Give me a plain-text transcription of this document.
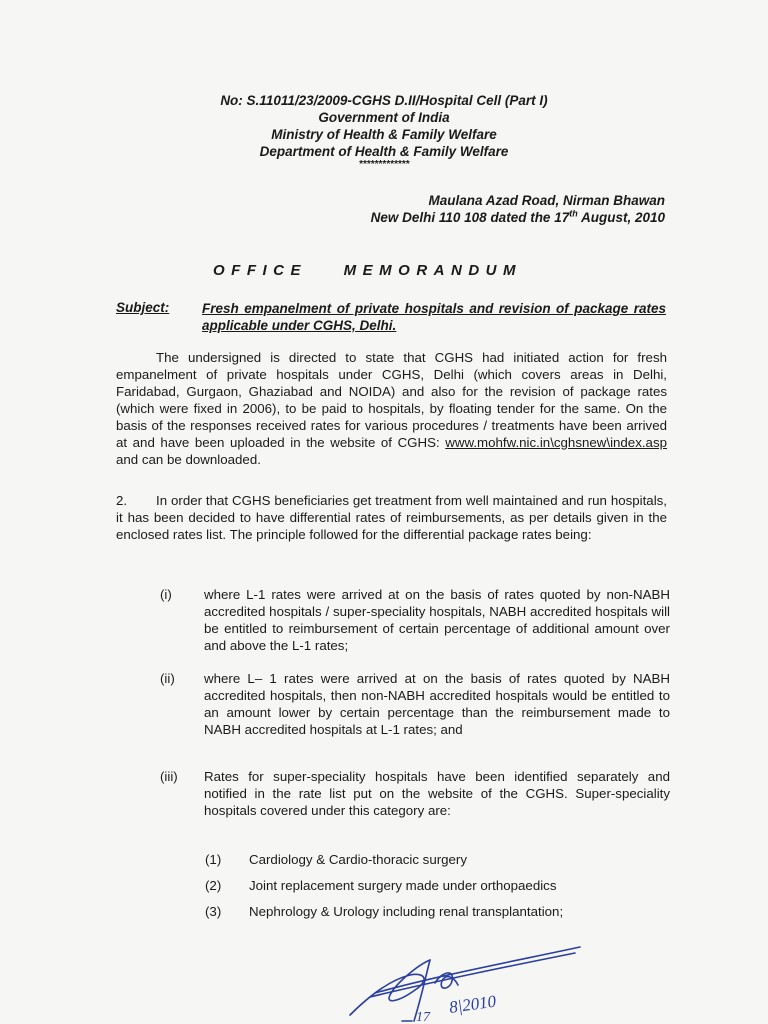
No: S.11011/23/2009-CGHS D.II/Hospital Cell (Part I)
Government of India
Ministry of Health & Family Welfare
Department of Health & Family Welfare
*************
Maulana Azad Road, Nirman Bhawan
New Delhi 110 108 dated the 17th August, 2010
OFFICE MEMORANDUM
Subject: Fresh empanelment of private hospitals and revision of package rates applicable under CGHS, Delhi.
The undersigned is directed to state that CGHS had initiated action for fresh empanelment of private hospitals under CGHS, Delhi (which covers areas in Delhi, Faridabad, Gurgaon, Ghaziabad and NOIDA) and also for the revision of package rates (which were fixed in 2006), to be paid to hospitals, by floating tender for the same. On the basis of the responses received rates for various procedures / treatments have been arrived at and have been uploaded in the website of CGHS: www.mohfw.nic.in\cghsnew\index.asp and can be downloaded.
2. In order that CGHS beneficiaries get treatment from well maintained and run hospitals, it has been decided to have differential rates of reimbursements, as per details given in the enclosed rates list. The principle followed for the differential package rates being:
(i) where L-1 rates were arrived at on the basis of rates quoted by non-NABH accredited hospitals / super-speciality hospitals, NABH accredited hospitals will be entitled to reimbursement of certain percentage of additional amount over and above the L-1 rates;
(ii) where L– 1 rates were arrived at on the basis of rates quoted by NABH accredited hospitals, then non-NABH accredited hospitals would be entitled to an amount lower by certain percentage than the reimbursement made to NABH accredited hospitals at L-1 rates; and
(iii) Rates for super-speciality hospitals have been identified separately and notified in the rate list put on the website of the CGHS. Super-speciality hospitals covered under this category are:
(1) Cardiology & Cardio-thoracic surgery
(2) Joint replacement surgery made under orthopaedics
(3) Nephrology & Urology including renal transplantation;
17
8|2010
